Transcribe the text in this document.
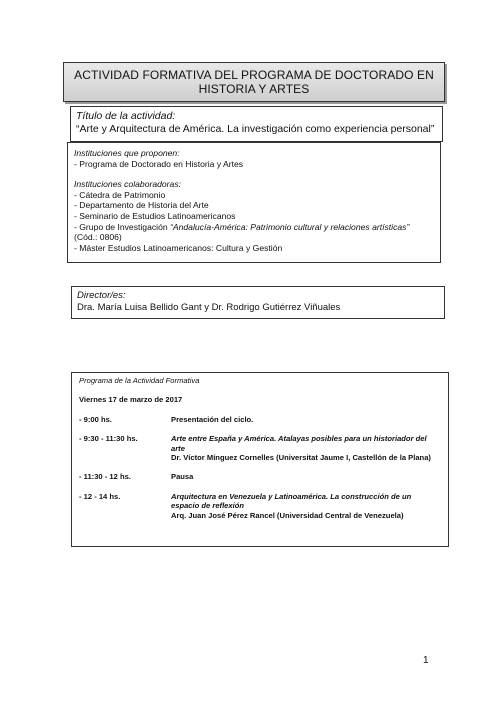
ACTIVIDAD FORMATIVA DEL PROGRAMA DE DOCTORADO EN
HISTORIA Y ARTES
Título de la actividad:
“Arte y Arquitectura de América. La investigación como experiencia personal”
Instituciones que proponen:
- Programa de Doctorado en Historia y Artes
Instituciones colaboradoras:
- Cátedra de Patrimonio
- Departamento de Historia del Arte
- Seminario de Estudios Latinoamericanos
- Grupo de Investigación “Andalucía-América: Patrimonio cultural y relaciones artísticas”
(Cód.: 0806)
- Máster Estudios Latinoamericanos: Cultura y Gestión
Director/es:
Dra. María Luisa Bellido Gant y Dr. Rodrigo Gutiérrez Viñuales
Programa de la Actividad Formativa
Viernes 17 de marzo de 2017
- 9:00 hs.	Presentación del ciclo.
- 9:30 - 11:30 hs.	Arte entre España y América. Atalayas posibles para un historiador del arte
Dr. Víctor Mínguez Cornelles (Universitat Jaume I, Castellón de la Plana)
- 11:30 - 12 hs.	Pausa
- 12 - 14 hs.	Arquitectura en Venezuela y Latinoamérica. La construcción de un espacio de reflexión
Arq. Juan José Pérez Rancel (Universidad Central de Venezuela)
1
